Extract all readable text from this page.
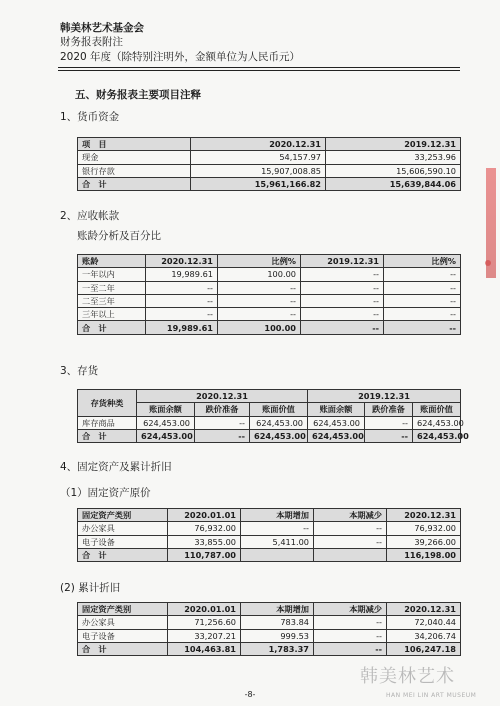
韩美林艺术基金会
财务报表附注
2020 年度（除特别注明外，金额单位为人民币元）
五、财务报表主要项目注释
1、货币资金
项　目	2020.12.31	2019.12.31
现金	54,157.97	33,253.96
银行存款	15,907,008.85	15,606,590.10
合　计	15,961,166.82	15,639,844.06
2、应收帐款
账龄分析及百分比
账龄	2020.12.31	比例%	2019.12.31	比例%
一年以内	19,989.61	100.00	--	--
一至二年	--	--	--	--
二至三年	--	--	--	--
三年以上	--	--	--	--
合　计	19,989.61	100.00	--	--
3、存货
存货种类	2020.12.31			2019.12.31		
	账面余额	跌价准备	账面价值	账面余额	跌价准备	账面价值
库存商品	624,453.00	--	624,453.00	624,453.00	--	624,453.00
合　计	624,453.00	--	624,453.00	624,453.00	--	624,453.00
4、固定资产及累计折旧
（1）固定资产原价
固定资产类别	2020.01.01	本期增加	本期减少	2020.12.31
办公家具	76,932.00	--	--	76,932.00
电子设备	33,855.00	5,411.00	--	39,266.00
合　计	110,787.00			116,198.00
(2) 累计折旧
固定资产类别	2020.01.01	本期增加	本期减少	2020.12.31
办公家具	71,256.60	783.84	--	72,040.44
电子设备	33,207.21	999.53	--	34,206.74
合　计	104,463.81	1,783.37	--	106,247.18
-8-
韩美林艺术
HAN MEI LIN ART MUSEUM
